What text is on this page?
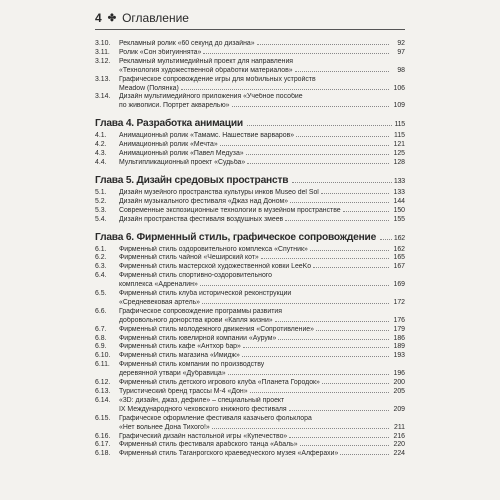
4 ✤ Оглавление
3.10.	Рекламный ролик «60 секунд до дизайна»	92
3.11.	Ролик «Сон эбигуиннята»	97
3.12.	Рекламный мультимедийный проект для направления
«Технология художественной обработки материалов»	98
3.13.	Графическое сопровождение игры для мобильных устройств
Meadow (Полянка)	106
3.14.	Дизайн мультимедийного приложения «Учебное пособие
по живописи. Портрет акварелью»	109
Глава 4. Разработка анимации	115
4.1.	Анимационный ролик «Тамамс. Нашествие варваров»	115
4.2.	Анимационный ролик «Мечта»	121
4.3.	Анимационный ролик «Павел Медуза»	125
4.4.	Мультипликационный проект «Судьба»	128
Глава 5. Дизайн средовых пространств	133
5.1.	Дизайн музейного пространства культуры инков Museo del Sol	133
5.2.	Дизайн музыкального фестиваля «Джаз над Доном»	144
5.3.	Современные экспозиционные технологии в музейном пространстве	150
5.4.	Дизайн пространства фестиваля воздушных змеев	155
Глава 6. Фирменный стиль, графическое сопровождение	162
6.1.	Фирменный стиль оздоровительного комплекса «Спутник»	162
6.2.	Фирменный стиль чайной «Чеширский кот»	165
6.3.	Фирменный стиль мастерской художественной ковки LeeKo	167
6.4.	Фирменный стиль спортивно-оздоровительного
комплекса «Адреналин»	169
6.5.	Фирменный стиль клуба исторической реконструкции
«Средневековая артель»	172
6.6.	Графическое сопровождение программы развития
добровольного донорства крови «Капля жизни»	176
6.7.	Фирменный стиль молодежного движения «Сопротивление»	179
6.8.	Фирменный стиль ювелирной компании «Аурум»	186
6.9.	Фирменный стиль кафе «Антхор бар»	189
6.10.	Фирменный стиль магазина «Имидж»	193
6.11.	Фирменный стиль компании по производству
деревянной утвари «Дубравица»	196
6.12.	Фирменный стиль детского игрового клуба «Планета Городок»	200
6.13.	Туристический бренд трассы М-4 «Дон»	205
6.14.	«3D: дизайн, джаз, дефиле» – специальный проект
IX Международного чеховского книжного фестиваля	209
6.15.	Графическое оформление фестиваля казачьего фольклора
«Нет вольнее Дона Тихого!»	211
6.16.	Графический дизайн настольной игры «Купечество»	216
6.17.	Фирменный стиль фестиваля арабского танца «Абаль»	220
6.18.	Фирменный стиль Таганрогского краеведческого музея «Алферахи»	224
